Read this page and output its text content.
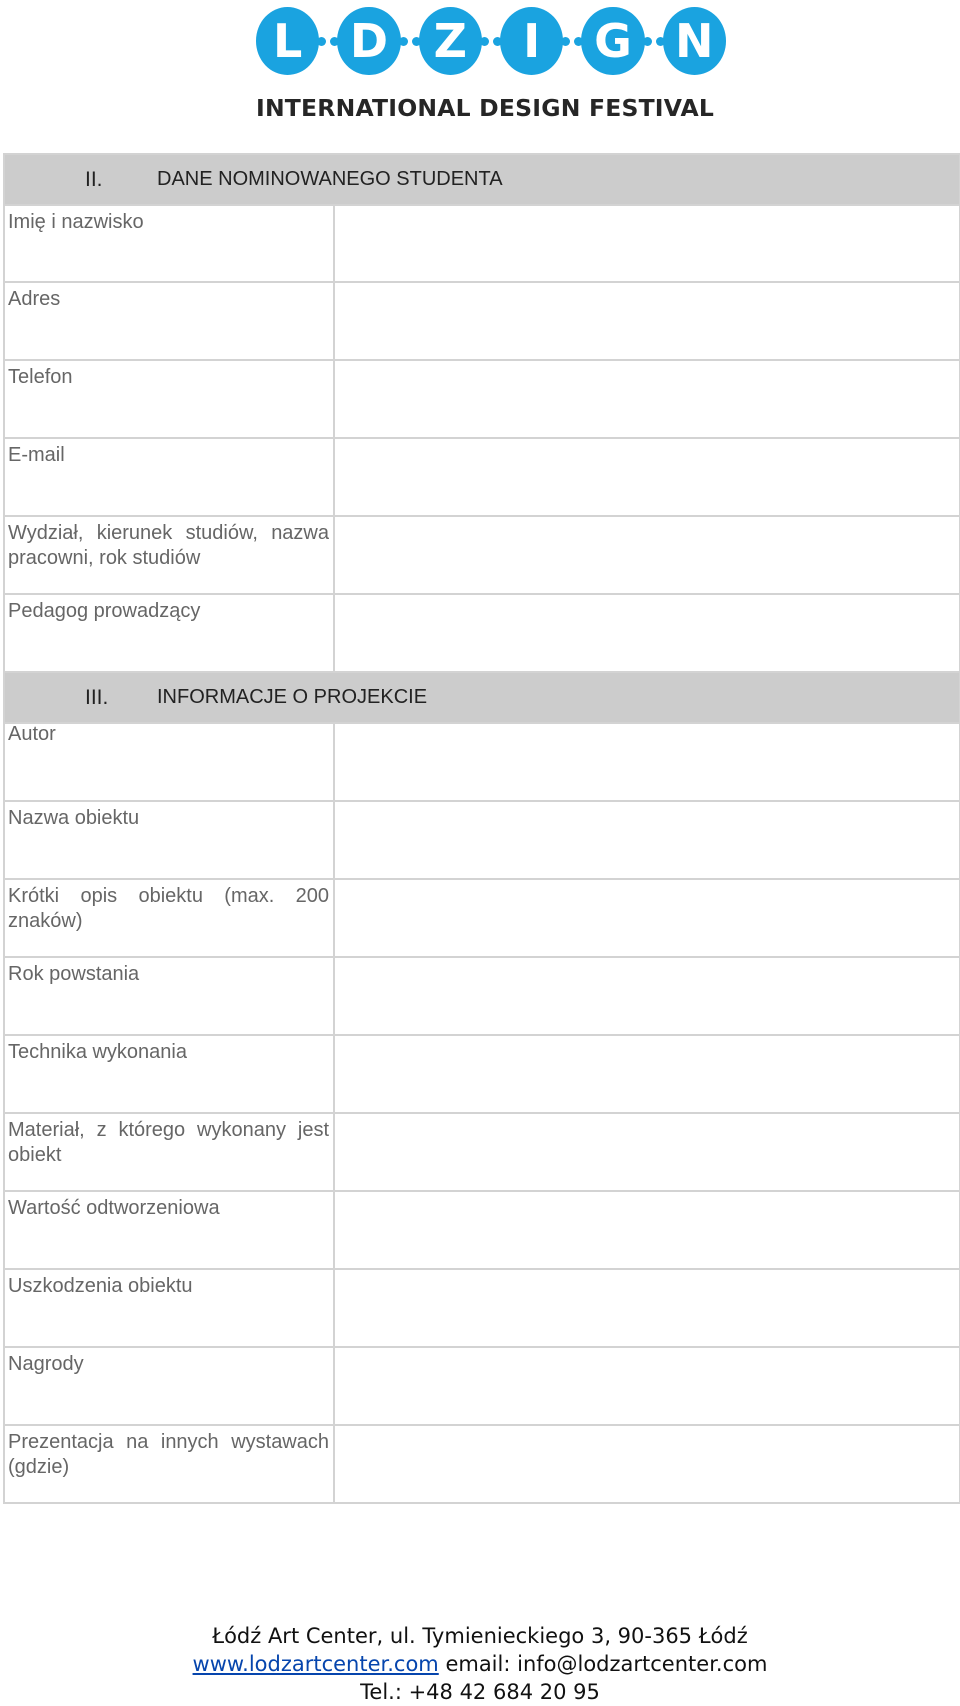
L	D Z	I	G N
INTERNATIONAL DESIGN FESTIVAL
II. DANE NOMINOWANEGO STUDENTA	

Imię i nazwisko	
Adres	
Telefon	
E-mail	
Wydział, kierunek studiów, nazwa pracowni, rok studiów	
Pedagog prowadzący	

III. INFORMACJE O PROJEKCIE	

Autor	
Nazwa obiektu	
Krótki opis obiektu (max. 200 znaków)	
Rok powstania	
Technika wykonania	
Materiał, z którego wykonany jest obiekt	
Wartość odtworzeniowa	
Uszkodzenia obiektu	
Nagrody	
Prezentacja na innych wystawach (gdzie)	
Łódź Art Center, ul. Tymienieckiego 3, 90-365 Łódź
www.lodzartcenter.com email: info@lodzartcenter.com
Tel.: +48 42 684 20 95
